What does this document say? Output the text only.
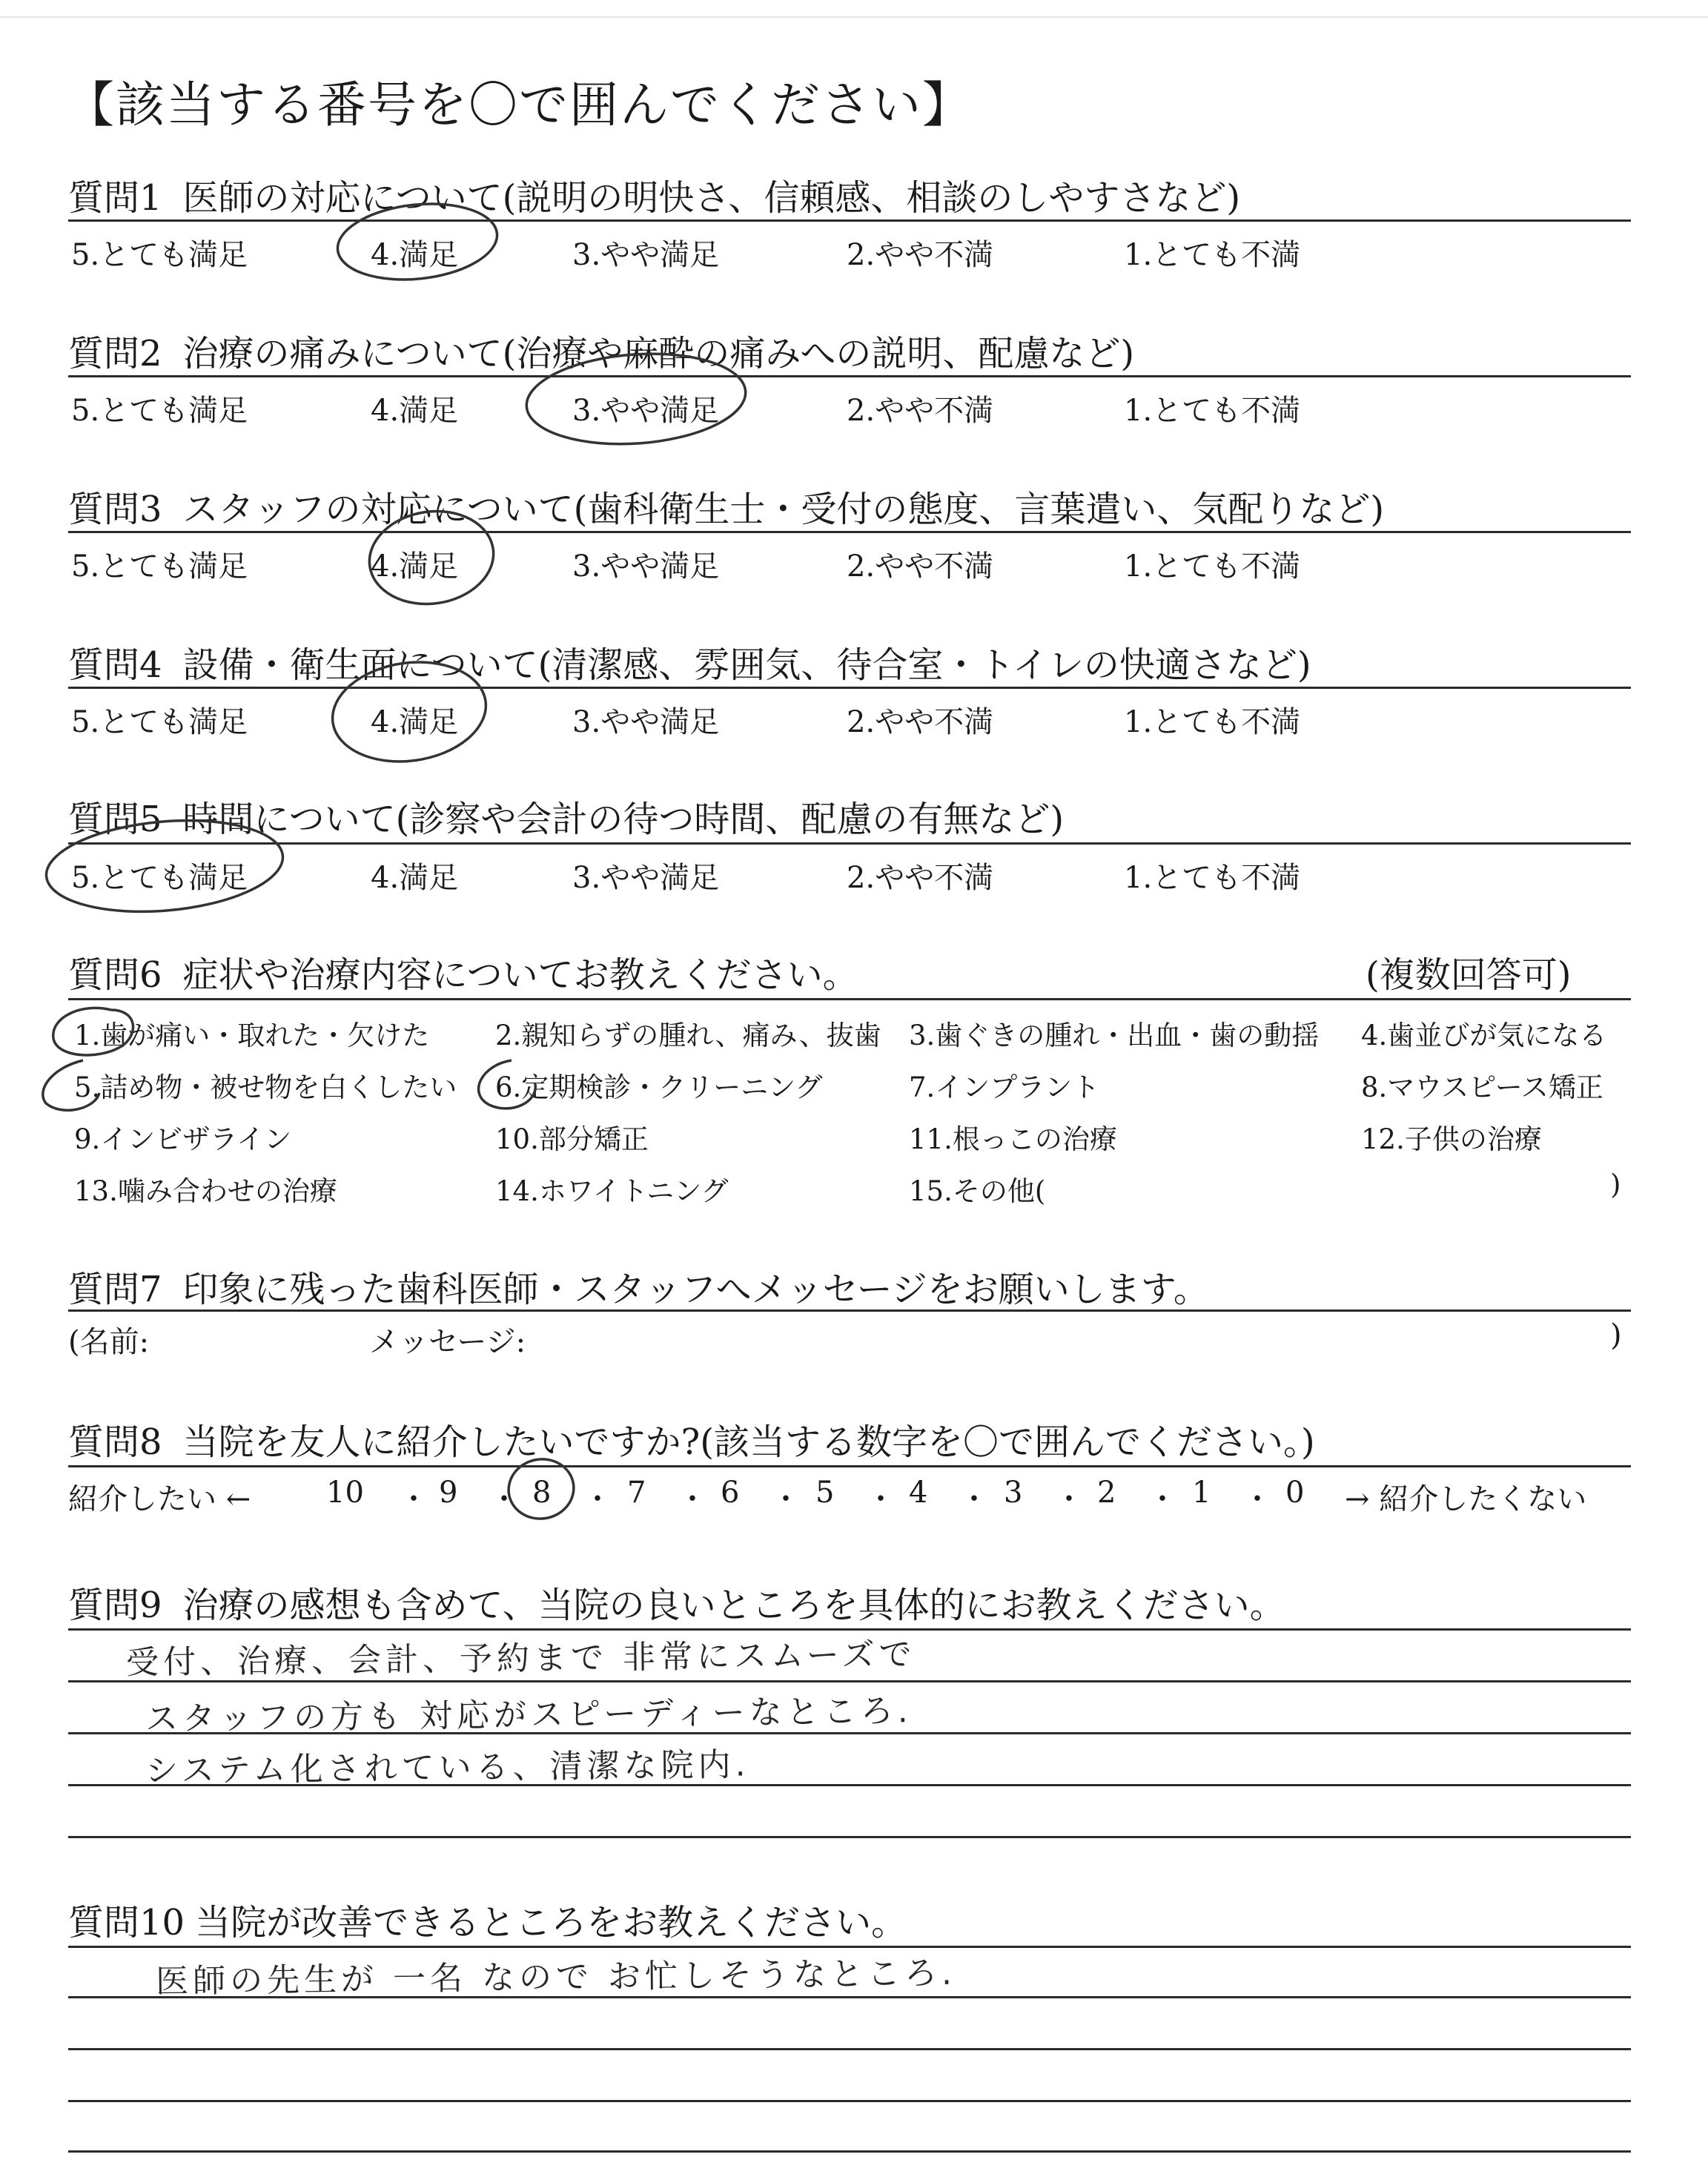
【該当する番号を〇で囲んでください】
質問1 医師の対応について(説明の明快さ、信頼感、相談のしやすさなど)
5.とても満足	4.満足	3.やや満足	2.やや不満	1.とても不満
質問2 治療の痛みについて(治療や麻酔の痛みへの説明、配慮など)
5.とても満足	4.満足	3.やや満足	2.やや不満	1.とても不満
質問3 スタッフの対応について(歯科衛生士・受付の態度、言葉遣い、気配りなど)
5.とても満足	4.満足	3.やや満足	2.やや不満	1.とても不満
質問4 設備・衛生面について(清潔感、雰囲気、待合室・トイレの快適さなど)
5.とても満足	4.満足	3.やや満足	2.やや不満	1.とても不満
質問5 時間について(診察や会計の待つ時間、配慮の有無など)
5.とても満足	4.満足	3.やや満足	2.やや不満	1.とても不満
質問6 症状や治療内容についてお教えください。	(複数回答可)
1.歯が痛い・取れた・欠けた 2.親知らずの腫れ、痛み、抜歯 3.歯ぐきの腫れ・出血・歯の動揺 4.歯並びが気になる
5.詰め物・被せ物を白くしたい 6.定期検診・クリーニング	7.インプラント	8.マウスピース矯正
9.インビザライン	10.部分矯正	11.根っこの治療	12.子供の治療
13.噛み合わせの治療	14.ホワイトニング	15.その他(	)
質問7 印象に残った歯科医師・スタッフへメッセージをお願いします。
(名前:	メッセージ:	)
質問8 当院を友人に紹介したいですか?(該当する数字を〇で囲んでください。)
紹介したい ←	10 ・ 9 ・ 8 ・ 7 ・ 6 ・ 5 ・ 4 ・ 3 ・ 2 ・ 1 ・ 0 → 紹介したくない
質問9 治療の感想も含めて、当院の良いところを具体的にお教えください。
受付、治療、会計、予約まで 非常にスムーズで
スタッフの方も 対応がスピーディーなところ.
システム化されている、清潔な院内.
質問10 当院が改善できるところをお教えください。
医師の先生が 一名 なので お忙しそうなところ.
